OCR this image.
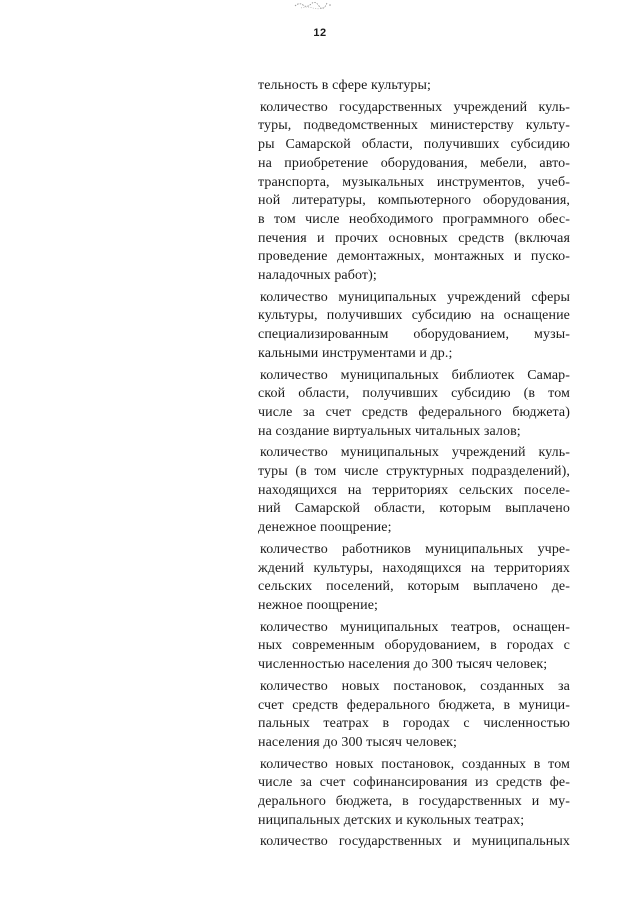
12
тельность в сфере культуры;
количество государственных учреждений куль-
туры, подведомственных министерству культу-
ры Самарской области, получивших субсидию
на приобретение оборудования, мебели, авто-
транспорта, музыкальных инструментов, учеб-
ной литературы, компьютерного оборудования,
в том числе необходимого программного обес-
печения и прочих основных средств (включая
проведение демонтажных, монтажных и пуско-
наладочных работ);
количество муниципальных учреждений сферы
культуры, получивших субсидию на оснащение
специализированным оборудованием, музы-
кальными инструментами и др.;
количество муниципальных библиотек Самар-
ской области, получивших субсидию (в том
числе за счет средств федерального бюджета)
на создание виртуальных читальных залов;
количество муниципальных учреждений куль-
туры (в том числе структурных подразделений),
находящихся на территориях сельских поселе-
ний Самарской области, которым выплачено
денежное поощрение;
количество работников муниципальных учре-
ждений культуры, находящихся на территориях
сельских поселений, которым выплачено де-
нежное поощрение;
количество муниципальных театров, оснащен-
ных современным оборудованием, в городах с
численностью населения до 300 тысяч человек;
количество новых постановок, созданных за
счет средств федерального бюджета, в муници-
пальных театрах в городах с численностью
населения до 300 тысяч человек;
количество новых постановок, созданных в том
числе за счет софинансирования из средств фе-
дерального бюджета, в государственных и му-
ниципальных детских и кукольных театрах;
количество государственных и муниципальных
